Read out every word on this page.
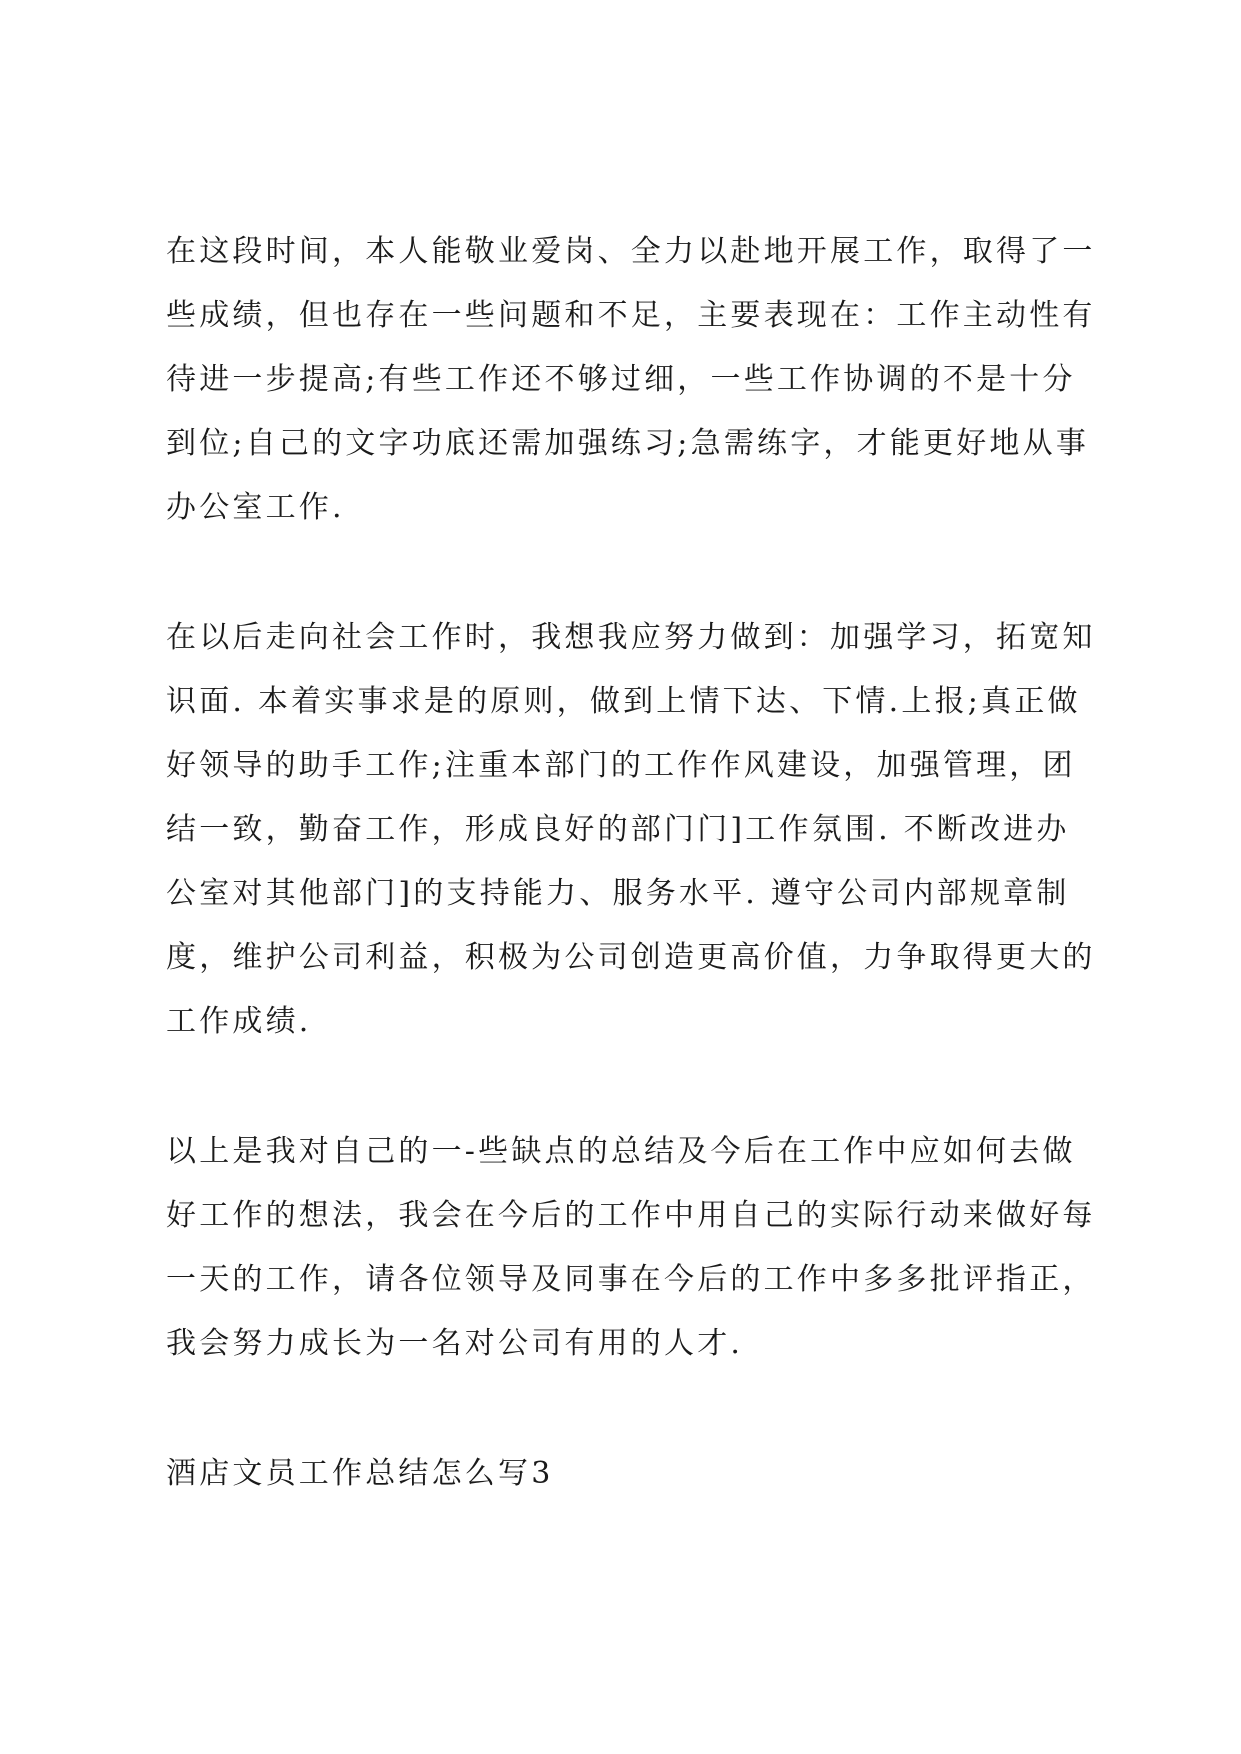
在这段时间，本人能敬业爱岗、全力以赴地开展工作，取得了一
些成绩，但也存在一些问题和不足，主要表现在：工作主动性有
待进一步提高;有些工作还不够过细，一些工作协调的不是十分
到位;自己的文字功底还需加强练习;急需练字，才能更好地从事
办公室工作.
在以后走向社会工作时，我想我应努力做到：加强学习，拓宽知
识面. 本着实事求是的原则，做到上情下达、下情.上报;真正做
好领导的助手工作;注重本部门的工作作风建设，加强管理，团
结一致，勤奋工作，形成良好的部门门]工作氛围. 不断改进办
公室对其他部门]的支持能力、服务水平. 遵守公司内部规章制
度，维护公司利益，积极为公司创造更高价值，力争取得更大的
工作成绩.
以上是我对自己的一-些缺点的总结及今后在工作中应如何去做
好工作的想法，我会在今后的工作中用自己的实际行动来做好每
一天的工作，请各位领导及同事在今后的工作中多多批评指正，
我会努力成长为一名对公司有用的人才.
酒店文员工作总结怎么写3
